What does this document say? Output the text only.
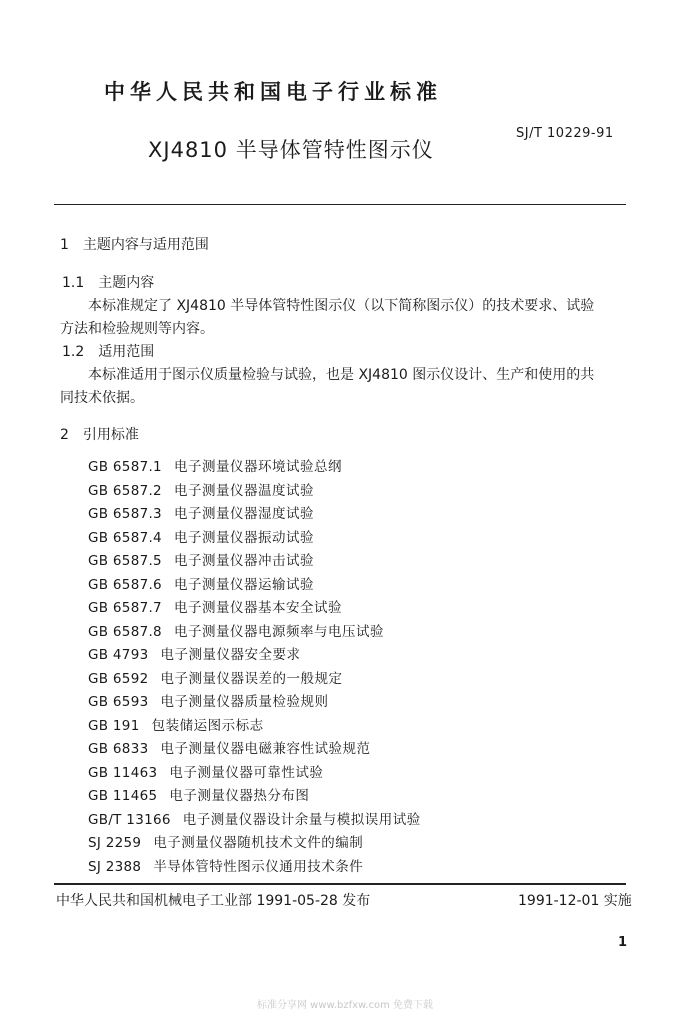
中华人民共和国电子行业标准
XJ4810 半导体管特性图示仪
SJ/T 10229-91
1　主题内容与适用范围
1.1　主题内容
本标准规定了 XJ4810 半导体管特性图示仪（以下简称图示仪）的技术要求、试验
方法和检验规则等内容。
1.2　适用范围
本标准适用于图示仪质量检验与试验，也是 XJ4810 图示仪设计、生产和使用的共
同技术依据。
2　引用标准
GB 6587.1 电子测量仪器环境试验总纲
GB 6587.2 电子测量仪器温度试验
GB 6587.3 电子测量仪器湿度试验
GB 6587.4 电子测量仪器振动试验
GB 6587.5 电子测量仪器冲击试验
GB 6587.6 电子测量仪器运输试验
GB 6587.7 电子测量仪器基本安全试验
GB 6587.8 电子测量仪器电源频率与电压试验
GB 4793 电子测量仪器安全要求
GB 6592 电子测量仪器误差的一般规定
GB 6593 电子测量仪器质量检验规则
GB 191 包装储运图示标志
GB 6833 电子测量仪器电磁兼容性试验规范
GB 11463 电子测量仪器可靠性试验
GB 11465 电子测量仪器热分布图
GB/T 13166 电子测量仪器设计余量与模拟误用试验
SJ 2259 电子测量仪器随机技术文件的编制
SJ 2388 半导体管特性图示仪通用技术条件
中华人民共和国机械电子工业部 1991-05-28 发布	1991-12-01 实施
1
标准分享网 www.bzfxw.com 免费下载
